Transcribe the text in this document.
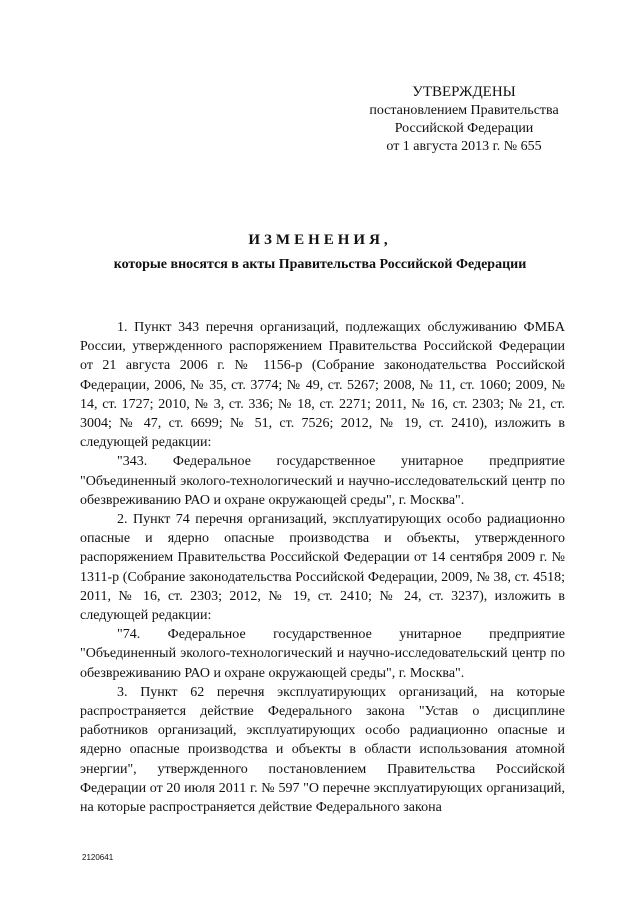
УТВЕРЖДЕНЫ
постановлением Правительства
Российской Федерации
от 1 августа 2013 г. № 655
ИЗМЕНЕНИЯ,
которые вносятся в акты Правительства Российской Федерации

1. Пункт 343 перечня организаций, подлежащих обслуживанию ФМБА России, утвержденного распоряжением Правительства Российской Федерации от 21 августа 2006 г. № 1156-р (Собрание законодательства Российской Федерации, 2006, № 35, ст. 3774; № 49, ст. 5267; 2008, № 11, ст. 1060; 2009, № 14, ст. 1727; 2010, № 3, ст. 336; № 18, ст. 2271; 2011, № 16, ст. 2303; № 21, ст. 3004; № 47, ст. 6699; № 51, ст. 7526; 2012, № 19, ст. 2410), изложить в следующей редакции:

"343. Федеральное государственное унитарное предприятие "Объединенный эколого-технологический и научно-исследовательский центр по обезвреживанию РАО и охране окружающей среды", г. Москва".

2. Пункт 74 перечня организаций, эксплуатирующих особо радиационно опасные и ядерно опасные производства и объекты, утвержденного распоряжением Правительства Российской Федерации от 14 сентября 2009 г. № 1311-р (Собрание законодательства Российской Федерации, 2009, № 38, ст. 4518; 2011, № 16, ст. 2303; 2012, № 19, ст. 2410; № 24, ст. 3237), изложить в следующей редакции:

"74. Федеральное государственное унитарное предприятие "Объединенный эколого-технологический и научно-исследовательский центр по обезвреживанию РАО и охране окружающей среды", г. Москва".

3. Пункт 62 перечня эксплуатирующих организаций, на которые распространяется действие Федерального закона "Устав о дисциплине работников организаций, эксплуатирующих особо радиационно опасные и ядерно опасные производства и объекты в области использования атомной энергии", утвержденного постановлением Правительства Российской Федерации от 20 июля 2011 г. № 597 "О перечне эксплуатирующих организаций, на которые распространяется действие Федерального закона

2120641
